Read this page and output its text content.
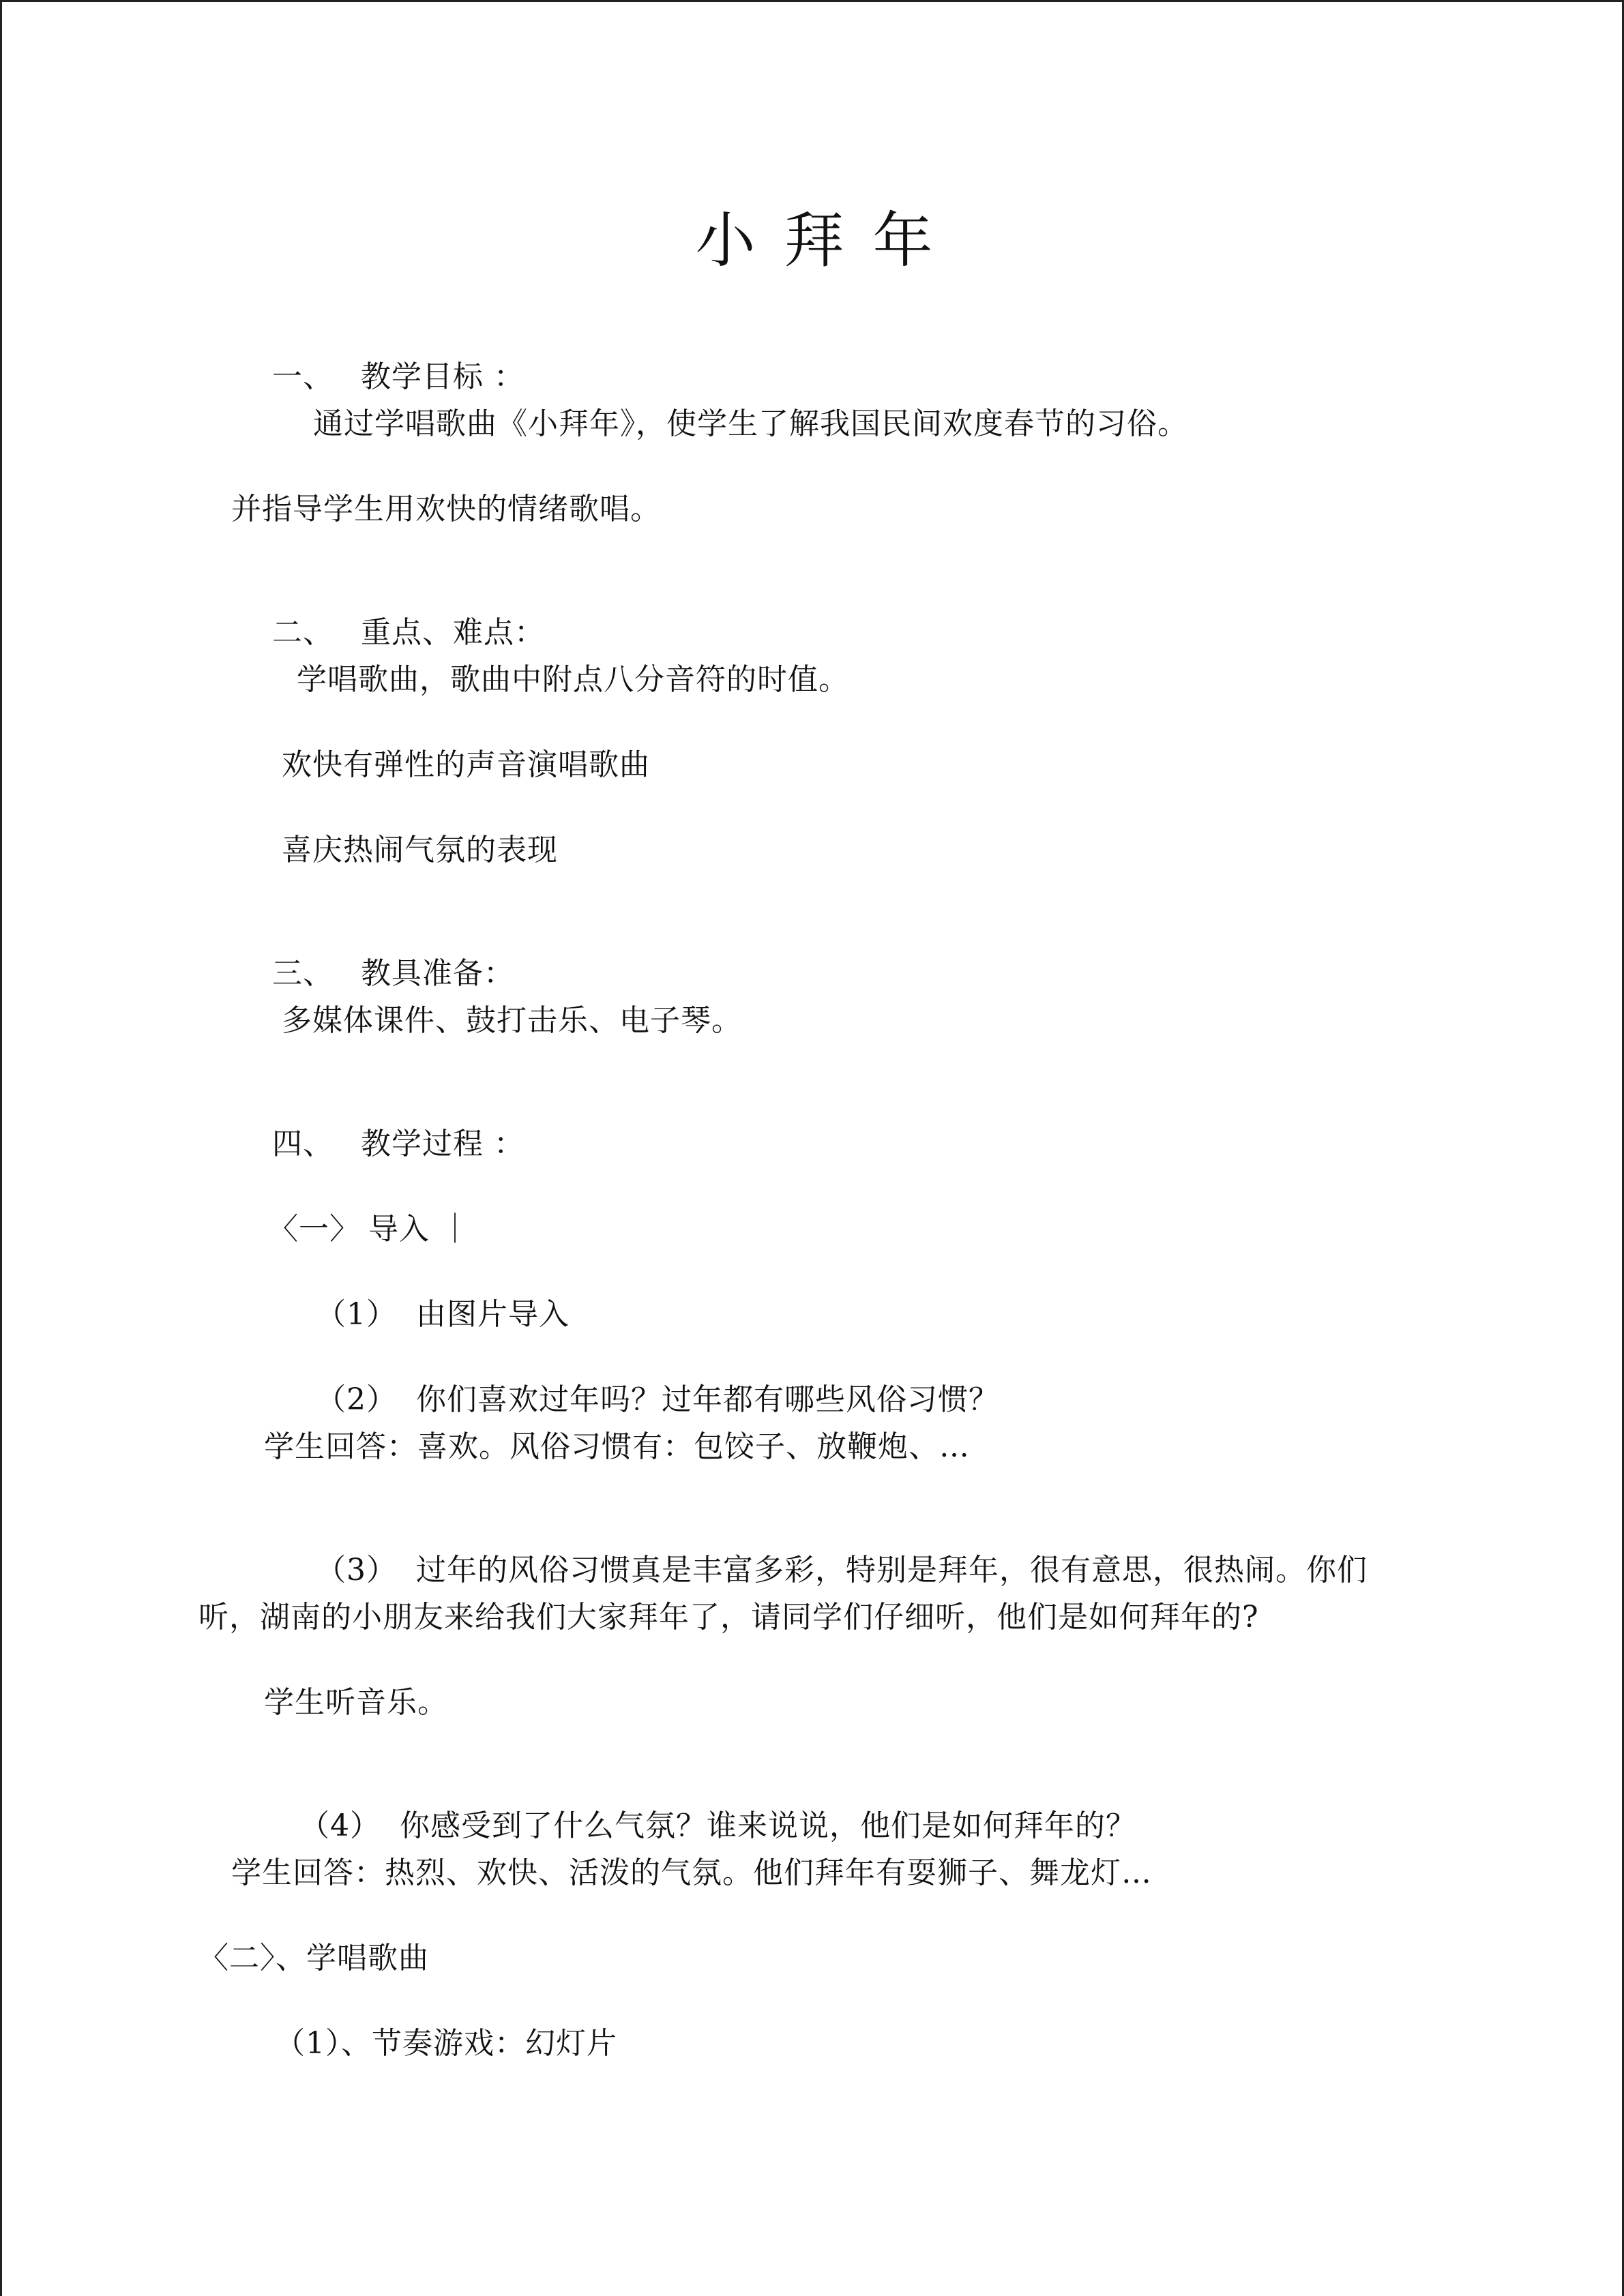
小拜年

一、 教学目标 ：

通过学唱歌曲《小拜年》，使学生了解我国民间欢度春节的习俗。
并指导学生用欢快的情绪歌唱。

二、 重点、难点：

学唱歌曲，歌曲中附点八分音符的时值。
欢快有弹性的声音演唱歌曲
喜庆热闹气氛的表现

三、 教具准备：

多媒体课件、鼓打击乐、电子琴。

四、 教学过程 ：

〈一〉 导入 ｜

（1） 由图片导入

（2） 你们喜欢过年吗？过年都有哪些风俗习惯？

学生回答：喜欢。风俗习惯有：包饺子、放鞭炮、…

（3） 过年的风俗习惯真是丰富多彩，特别是拜年，很有意思，很热闹。你们

听，湖南的小朋友来给我们大家拜年了，请同学们仔细听，他们是如何拜年的?
学生听音乐。

（4） 你感受到了什么气氛？谁来说说，他们是如何拜年的？

学生回答：热烈、欢快、活泼的气氛。他们拜年有耍狮子、舞龙灯…
〈二〉、学唱歌曲
（1）、节奏游戏：幻灯片
